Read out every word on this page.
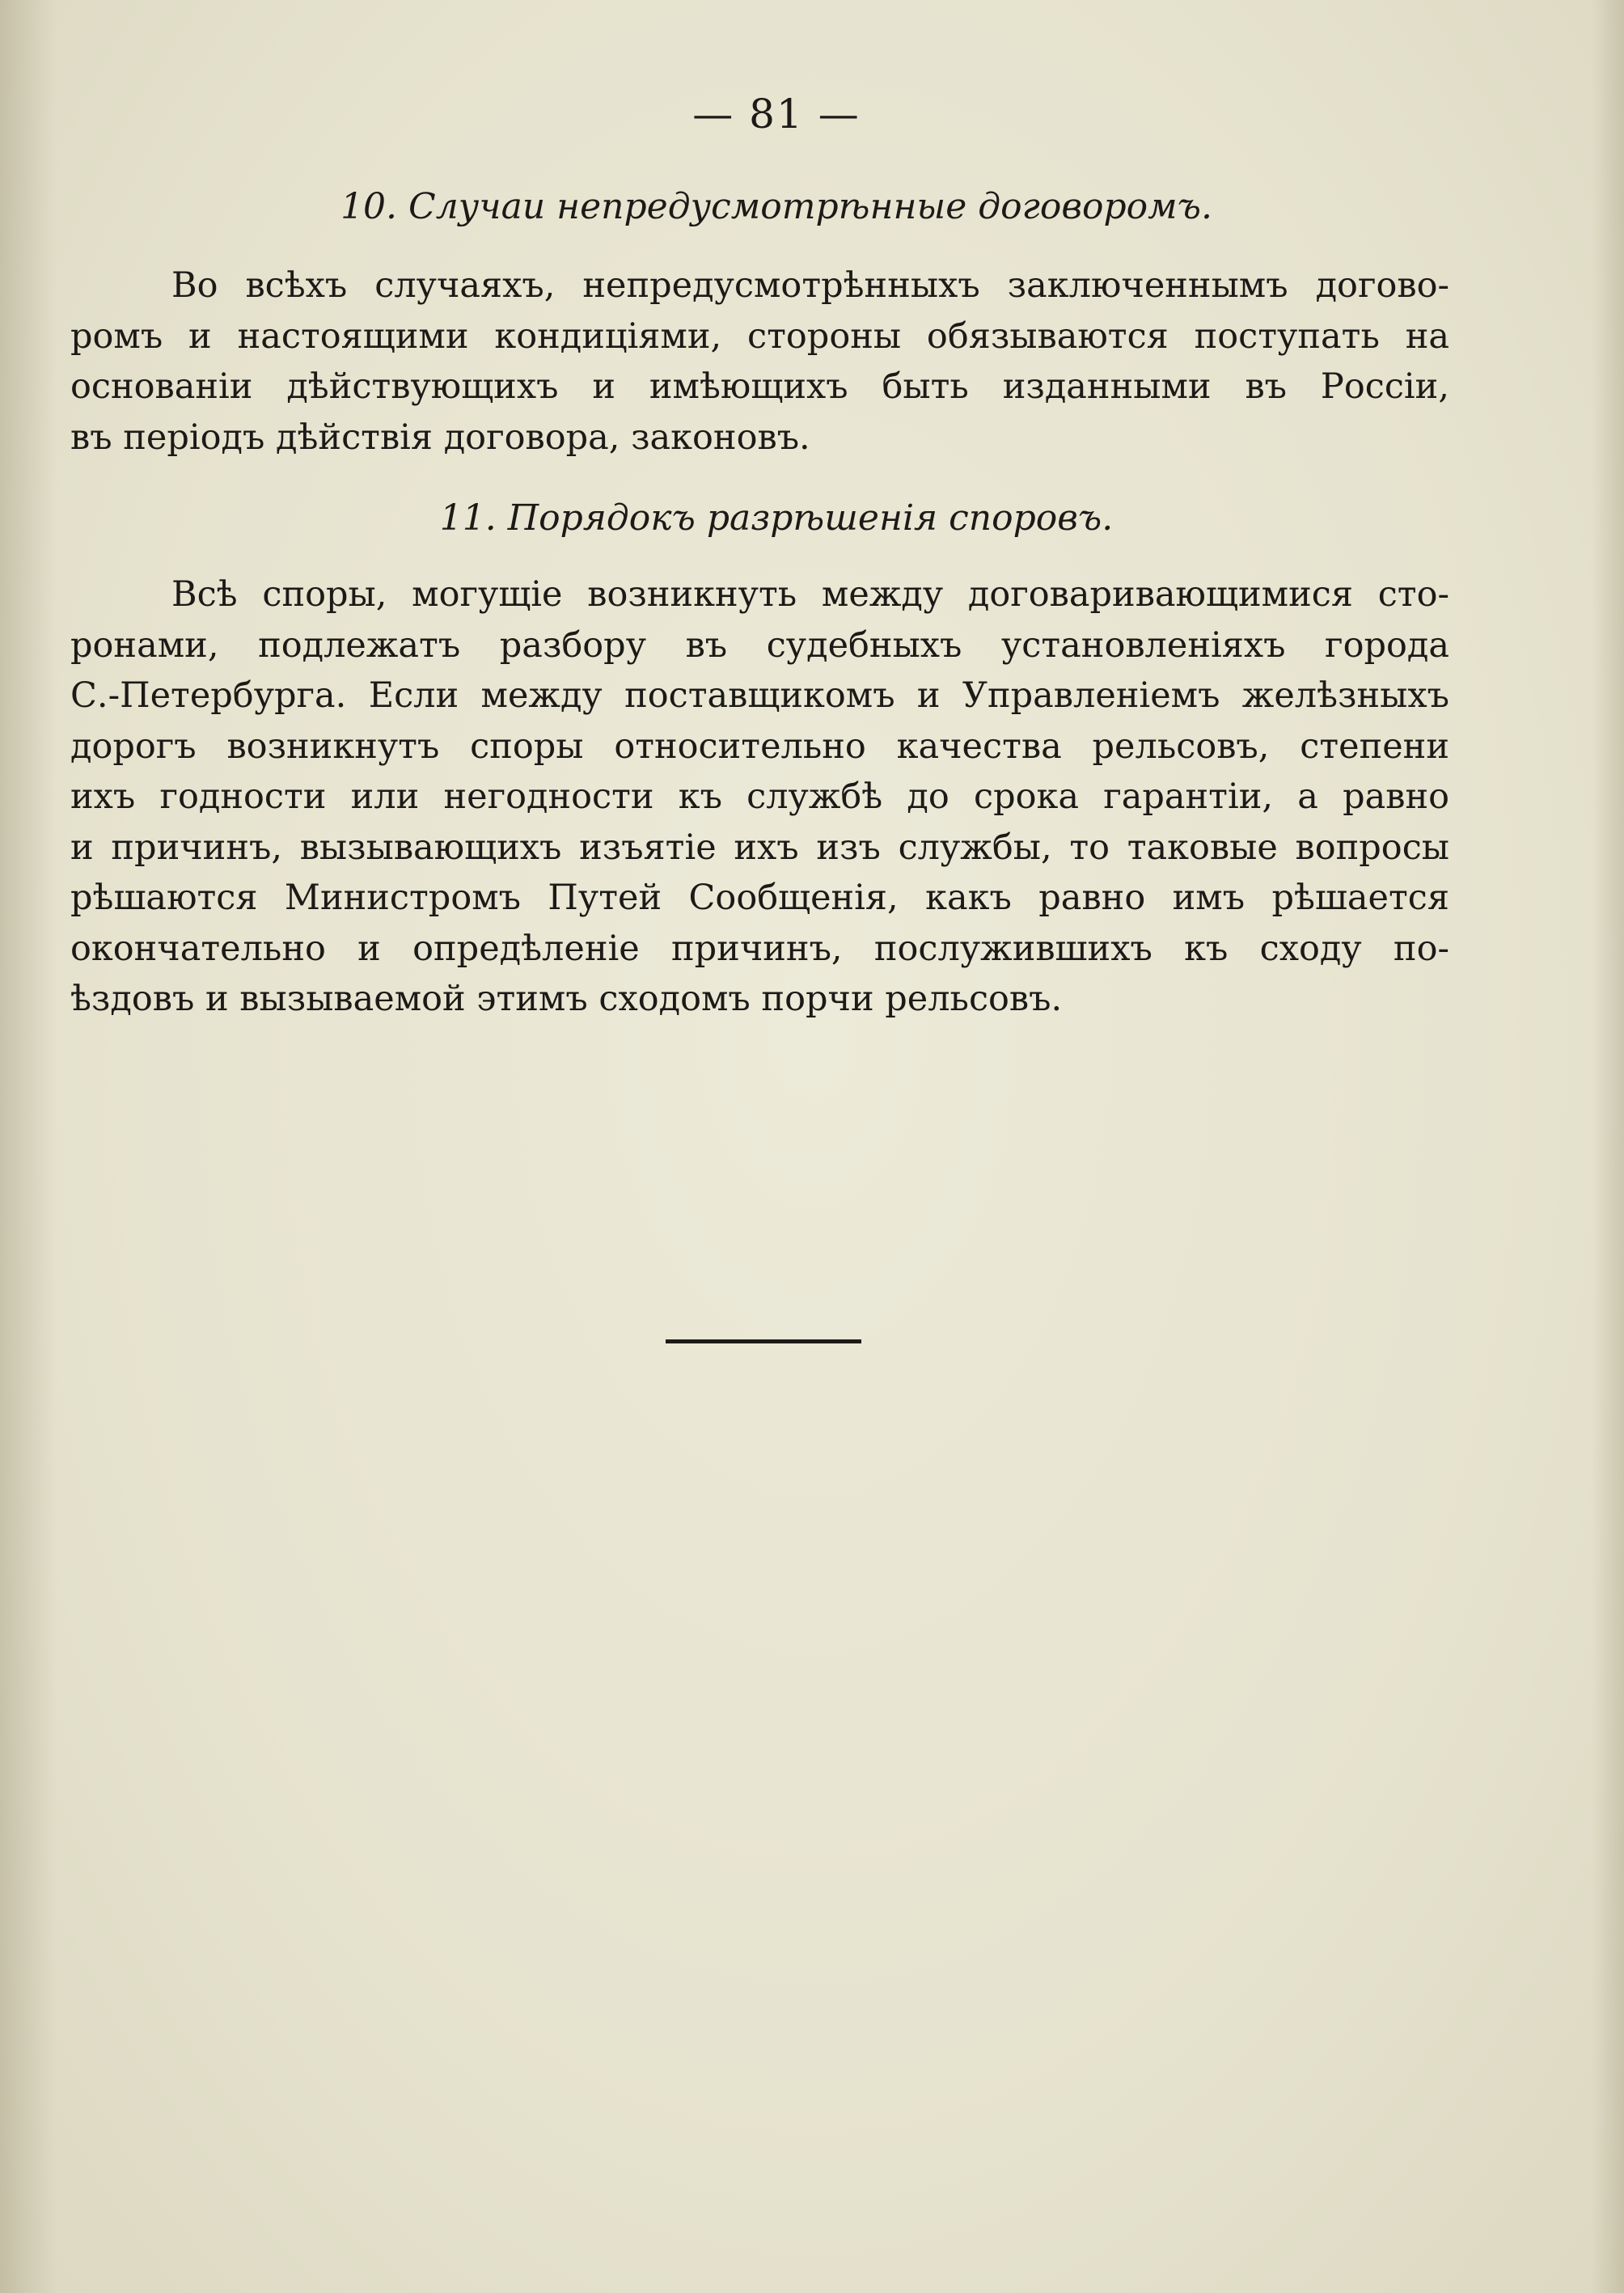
— 81 —
10. Случаи непредусмотрѣнные договоромъ.
Во всѣхъ случаяхъ, непредусмотрѣнныхъ заключеннымъ догово-
ромъ и настоящими кондиціями, стороны обязываются поступать на
основаніи дѣйствующихъ и имѣющихъ быть изданными въ Россіи,
въ періодъ дѣйствія договора, законовъ.
11. Порядокъ разрѣшенія споровъ.
Всѣ споры, могущіе возникнуть между договаривающимися сто-
ронами, подлежатъ разбору въ судебныхъ установленіяхъ города
С.-Петербурга. Если между поставщикомъ и Управленіемъ желѣзныхъ
дорогъ возникнутъ споры относительно качества рельсовъ, степени
ихъ годности или негодности къ службѣ до срока гарантіи, а равно
и причинъ, вызывающихъ изъятіе ихъ изъ службы, то таковые вопросы
рѣшаются Министромъ Путей Сообщенія, какъ равно имъ рѣшается
окончательно и опредѣленіе причинъ, послужившихъ къ сходу по-
ѣздовъ и вызываемой этимъ сходомъ порчи рельсовъ.
